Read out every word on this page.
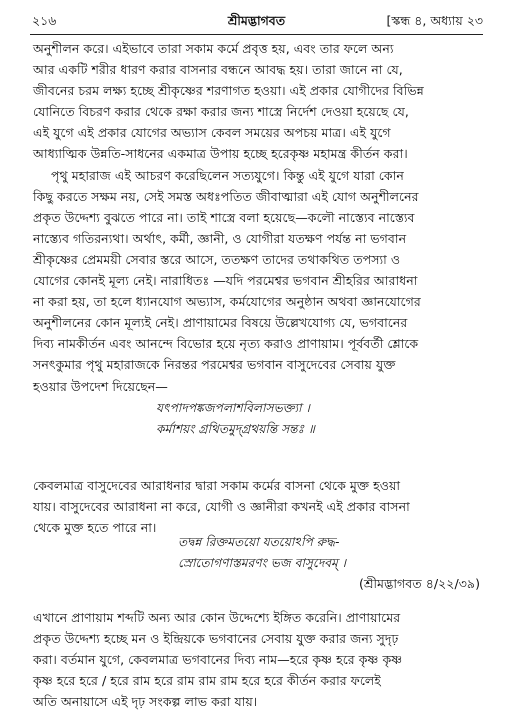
২১৬	শ্রীমদ্ভাগবত	[স্কন্ধ ৪, অধ্যায় ২৩
অনুশীলন করে। এইভাবে তারা সকাম কর্মে প্রবৃত্ত হয়, এবং তার ফলে অন্য
আর একটি শরীর ধারণ করার বাসনার বন্ধনে আবদ্ধ হয়। তারা জানে না যে,
জীবনের চরম লক্ষ্য হচ্ছে শ্রীকৃষ্ণের শরণাগত হওয়া। এই প্রকার যোগীদের বিভিন্ন
যোনিতে বিচরণ করার থেকে রক্ষা করার জন্য শাস্ত্রে নির্দেশ দেওয়া হয়েছে যে,
এই যুগে এই প্রকার যোগের অভ্যাস কেবল সময়ের অপচয় মাত্র। এই যুগে
আধ্যাত্মিক উন্নতি-সাধনের একমাত্র উপায় হচ্ছে হরেকৃষ্ণ মহামন্ত্র কীর্তন করা।
পৃথু মহারাজ এই আচরণ করেছিলেন সত্যযুগে। কিন্তু এই যুগে যারা কোন
কিছু করতে সক্ষম নয়, সেই সমস্ত অধঃপতিত জীবাত্মারা এই যোগ অনুশীলনের
প্রকৃত উদ্দেশ্য বুঝতে পারে না। তাই শাস্ত্রে বলা হয়েছে—কলৌ নাস্ত্যেব নাস্ত্যেব
নাস্ত্যেব গতিরন্যথা। অর্থাৎ, কর্মী, জ্ঞানী, ও যোগীরা যতক্ষণ পর্যন্ত না ভগবান
শ্রীকৃষ্ণের প্রেমময়ী সেবার স্তরে আসে, ততক্ষণ তাদের তথাকথিত তপস্যা ও
যোগের কোনই মূল্য নেই। নারাধিতঃ —যদি পরমেশ্বর ভগবান শ্রীহরির আরাধনা
না করা হয়, তা হলে ধ্যানযোগ অভ্যাস, কর্মযোগের অনুষ্ঠান অথবা জ্ঞানযোগের
অনুশীলনের কোন মূল্যই নেই। প্রাণায়ামের বিষয়ে উল্লেখযোগ্য যে, ভগবানের
দিব্য নামকীর্তন এবং আনন্দে বিভোর হয়ে নৃত্য করাও প্রাণায়াম। পূর্ববর্তী শ্লোকে
সনৎকুমার পৃথু মহারাজকে নিরন্তর পরমেশ্বর ভগবান বাসুদেবের সেবায় যুক্ত
হওয়ার উপদেশ দিয়েছেন—
যৎপাদপঙ্কজপলাশবিলাসভক্ত্যা ।
কর্মাশয়ং গ্রথিতমুদ্গ্রথয়ন্তি সন্তঃ ॥
কেবলমাত্র বাসুদেবের আরাধনার দ্বারা সকাম কর্মের বাসনা থেকে মুক্ত হওয়া
যায়। বাসুদেবের আরাধনা না করে, যোগী ও জ্ঞানীরা কখনই এই প্রকার বাসনা
থেকে মুক্ত হতে পারে না।
তদ্বন্ন রিক্তমতয়ো যতয়োঽপি রুদ্ধ-
স্রোতোগণাস্তমরণং ভজ বাসুদেবম্ ।
(শ্রীমদ্ভাগবত ৪/২২/৩৯)
এখানে প্রাণায়াম শব্দটি অন্য আর কোন উদ্দেশ্যে ইঙ্গিত করেনি। প্রাণায়ামের
প্রকৃত উদ্দেশ্য হচ্ছে মন ও ইন্দ্রিয়কে ভগবানের সেবায় যুক্ত করার জন্য সুদৃঢ়
করা। বর্তমান যুগে, কেবলমাত্র ভগবানের দিব্য নাম—হরে কৃষ্ণ হরে কৃষ্ণ কৃষ্ণ
কৃষ্ণ হরে হরে / হরে রাম হরে রাম রাম রাম হরে হরে কীর্তন করার ফলেই
অতি অনায়াসে এই দৃঢ় সংকল্প লাভ করা যায়।
